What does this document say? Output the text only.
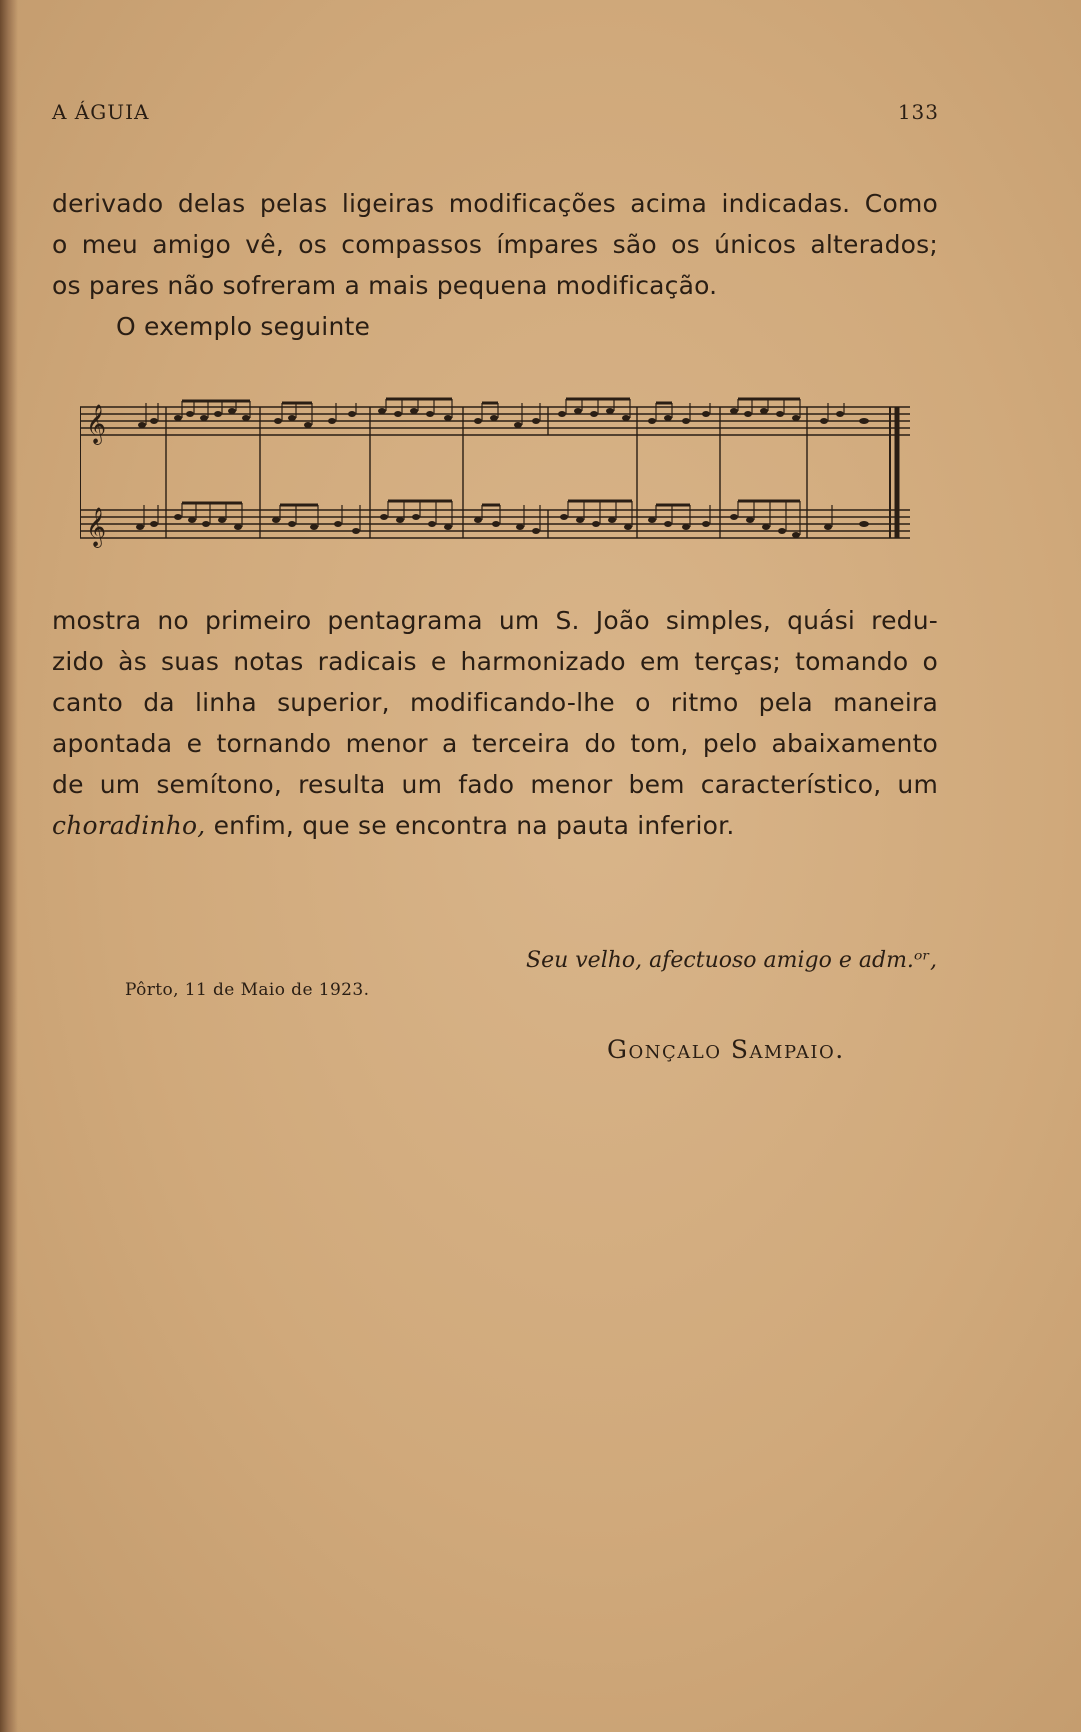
A ÁGUIA	133
derivado delas pelas ligeiras modificações acima indicadas. Como
o meu amigo vê, os compassos ímpares são os únicos alterados;
os pares não sofreram a mais pequena modificação.
O exemplo seguinte
𝄞
𝄞
mostra no primeiro pentagrama um S. João simples, quási redu-
zido às suas notas radicais e harmonizado em terças; tomando o
canto da linha superior, modificando-lhe o ritmo pela maneira
apontada e tornando menor a terceira do tom, pelo abaixamento
de um semítono, resulta um fado menor bem característico, um
choradinho, enfim, que se encontra na pauta inferior.
Seu velho, afectuoso amigo e adm.ᵒʳ,
Pôrto, 11 de Maio de 1923.
Gonçalo Sampaio.
